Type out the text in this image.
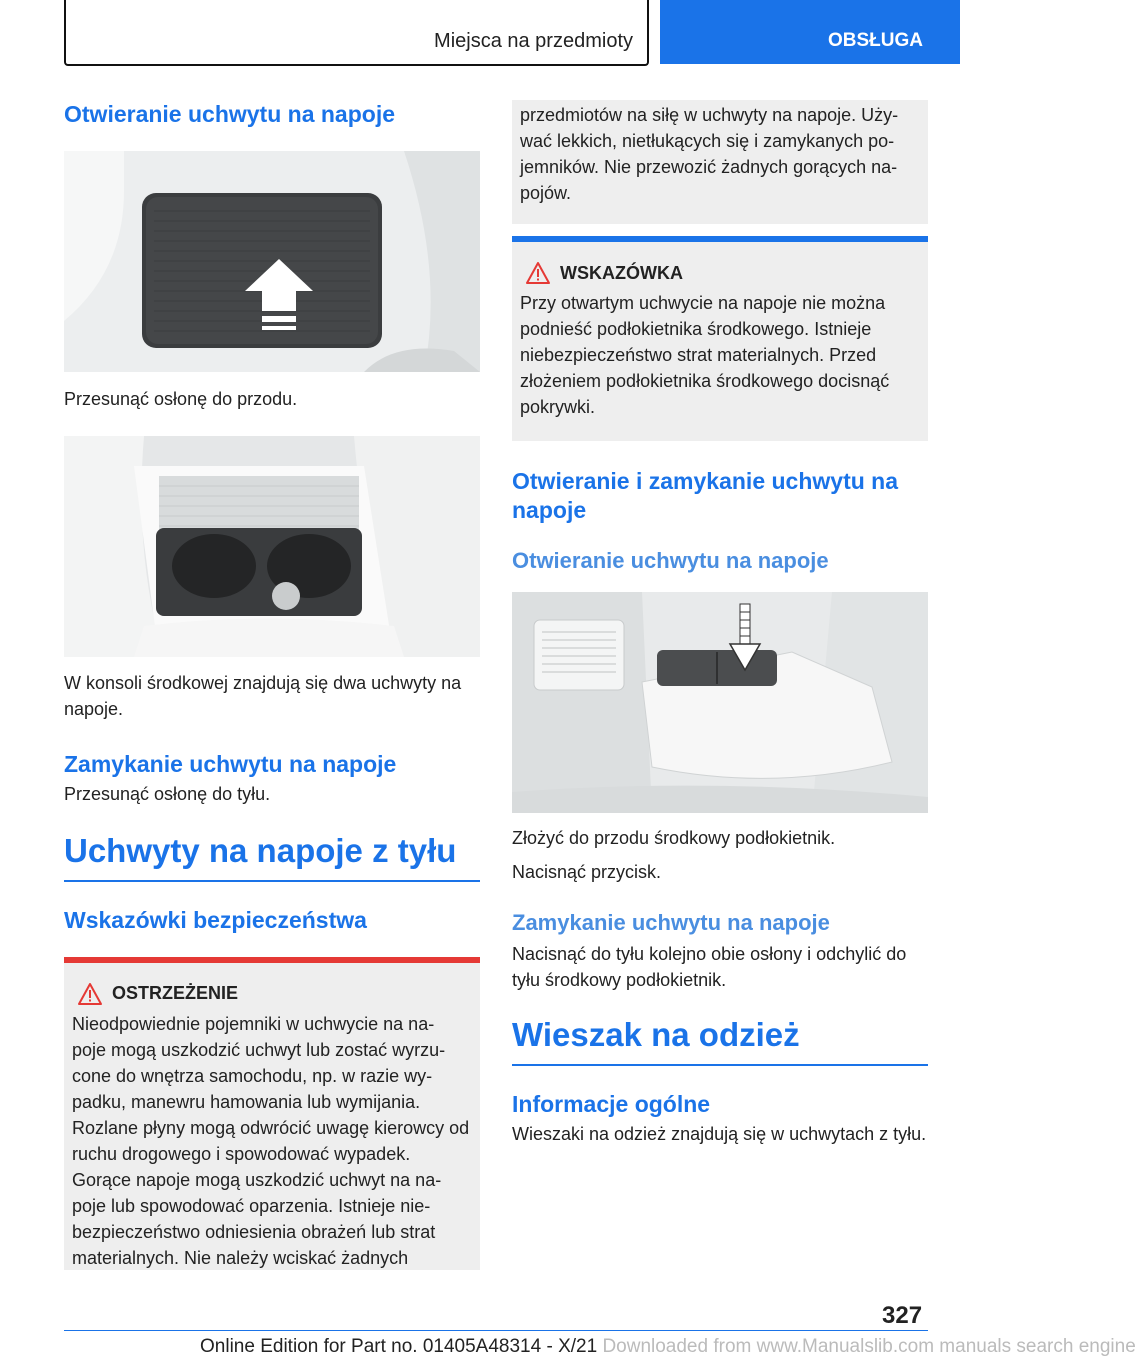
Miejsca na przedmioty	OBSŁUGA
Otwieranie uchwytu na napoje
Przesunąć osłonę do przodu.
W konsoli środkowej znajdują się dwa uchwyty na napoje.
Zamykanie uchwytu na napoje
Przesunąć osłonę do tyłu.
Uchwyty na napoje z tyłu
Wskazówki bezpieczeństwa
OSTRZEŻENIE
Nieodpowiednie pojemniki w uchwycie na na- poje mogą uszkodzić uchwyt lub zostać wyrzu- cone do wnętrza samochodu, np. w razie wy- padku, manewru hamowania lub wymijania. Rozlane płyny mogą odwrócić uwagę kierowcy od ruchu drogowego i spowodować wypadek. Gorące napoje mogą uszkodzić uchwyt na na- poje lub spowodować oparzenia. Istnieje nie- bezpieczeństwo odniesienia obrażeń lub strat materialnych. Nie należy wciskać żadnych
przedmiotów na siłę w uchwyty na napoje. Uży- wać lekkich, nietłukących się i zamykanych po- jemników. Nie przewozić żadnych gorących na- pojów.
WSKAZÓWKA
Przy otwartym uchwycie na napoje nie można podnieść podłokietnika środkowego. Istnieje niebezpieczeństwo strat materialnych. Przed złożeniem podłokietnika środkowego docisnąć pokrywki.
Otwieranie i zamykanie uchwytu na napoje
Otwieranie uchwytu na napoje
Złożyć do przodu środkowy podłokietnik.
Nacisnąć przycisk.
Zamykanie uchwytu na napoje
Nacisnąć do tyłu kolejno obie osłony i odchylić do tyłu środkowy podłokietnik.
Wieszak na odzież
Informacje ogólne
Wieszaki na odzież znajdują się w uchwytach z tyłu.
327
Online Edition for Part no. 01405A48314 - X/21 Downloaded from www.Manualslib.com manuals search engine
